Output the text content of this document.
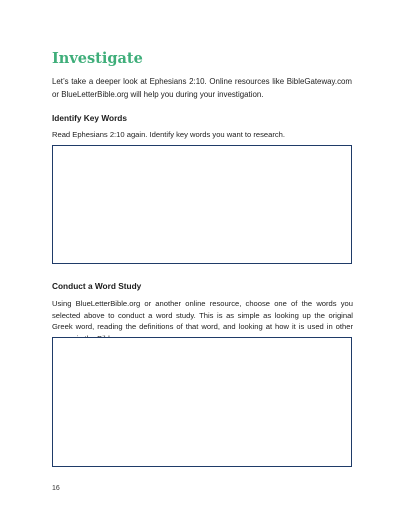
Investigate

Let’s take a deeper look at Ephesians 2:10. Online resources like BibleGateway.com or BlueLetterBible.org will help you during your investigation.

Identify Key Words

Read Ephesians 2:10 again. Identify key words you want to research.

Conduct a Word Study

Using BlueLetterBible.org or another online resource, choose one of the words you selected above to conduct a word study. This is as simple as looking up the original Greek word, reading the definitions of that word, and looking at how it is used in other

16
